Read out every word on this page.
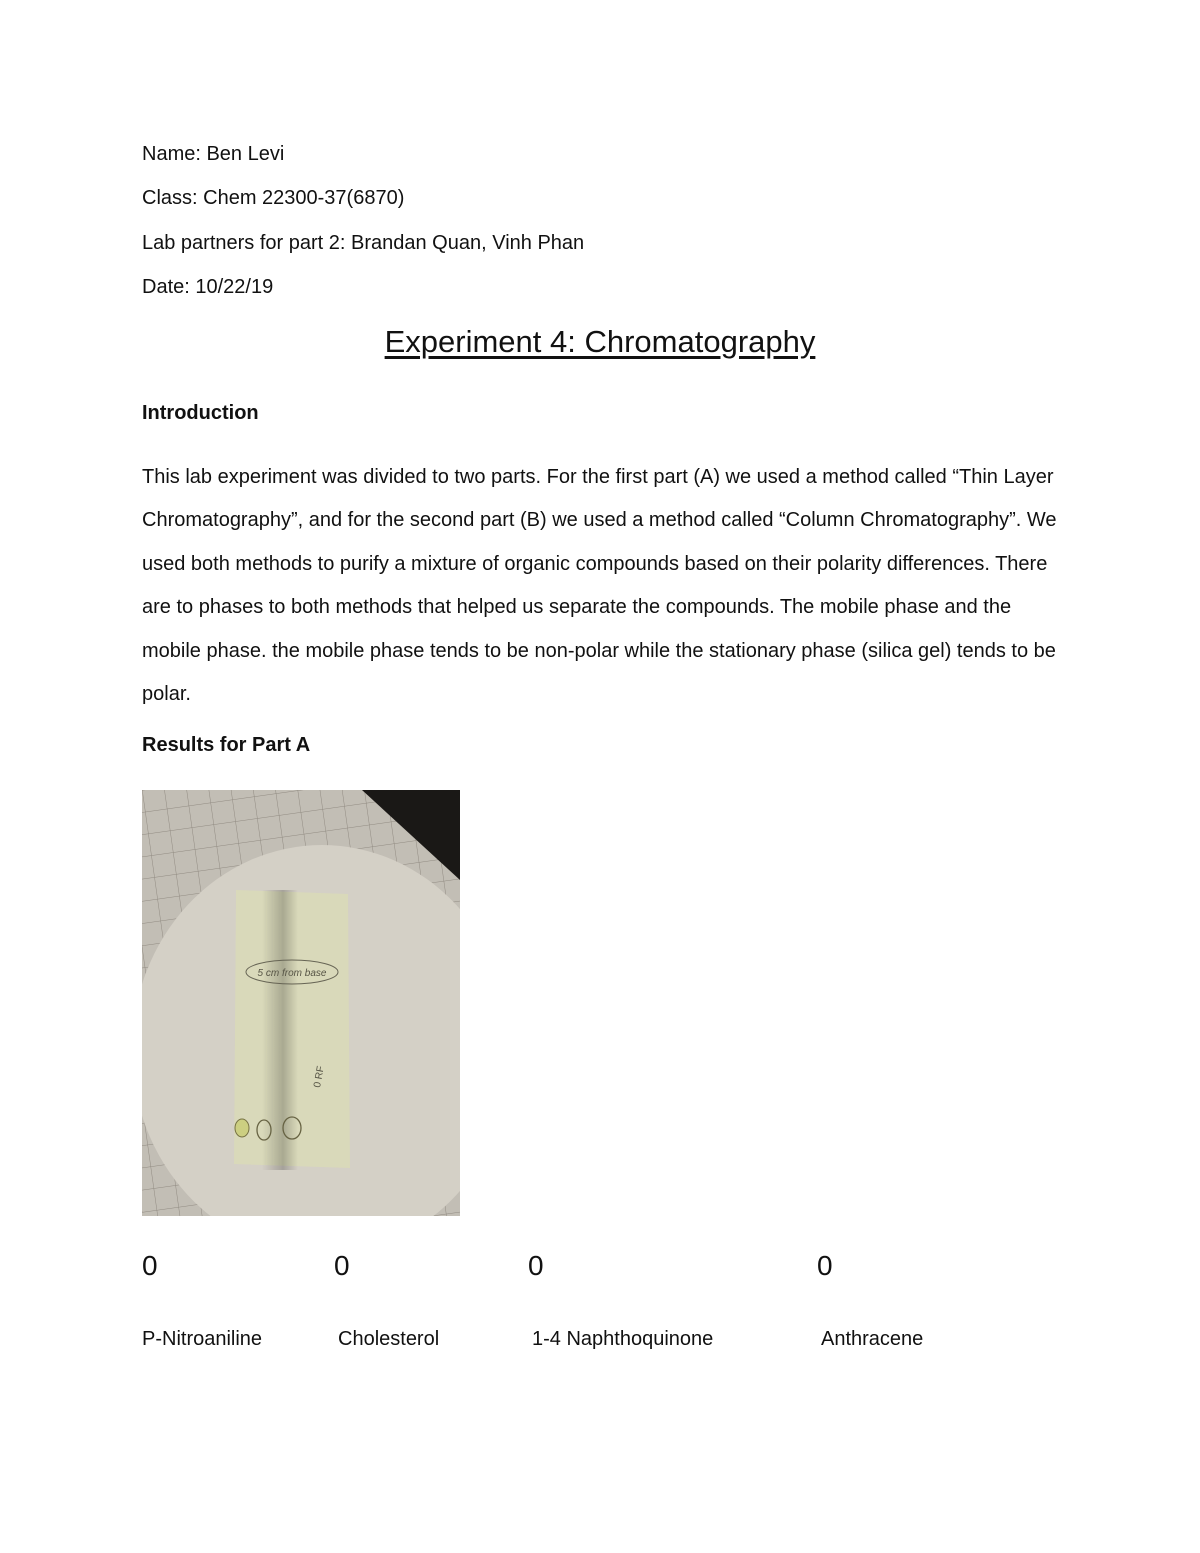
Name: Ben Levi
Class: Chem 22300-37(6870)
Lab partners for part 2: Brandan Quan, Vinh Phan
Date: 10/22/19
Experiment 4: Chromatography
Introduction
This lab experiment was divided to two parts. For the first part (A) we used a method called “Thin Layer Chromatography”, and for the second part (B) we used a method called “Column Chromatography”. We used both methods to purify a mixture of organic compounds based on their polarity differences. There are to phases to both methods that helped us separate the compounds. The mobile phase and the mobile phase. the mobile phase tends to be non-polar while the stationary phase (silica gel) tends to be polar.
Results for Part A
5 cm from base
0 RF
0	0	0	0
P-Nitroaniline	Cholesterol	1-4 Naphthoquinone	Anthracene
